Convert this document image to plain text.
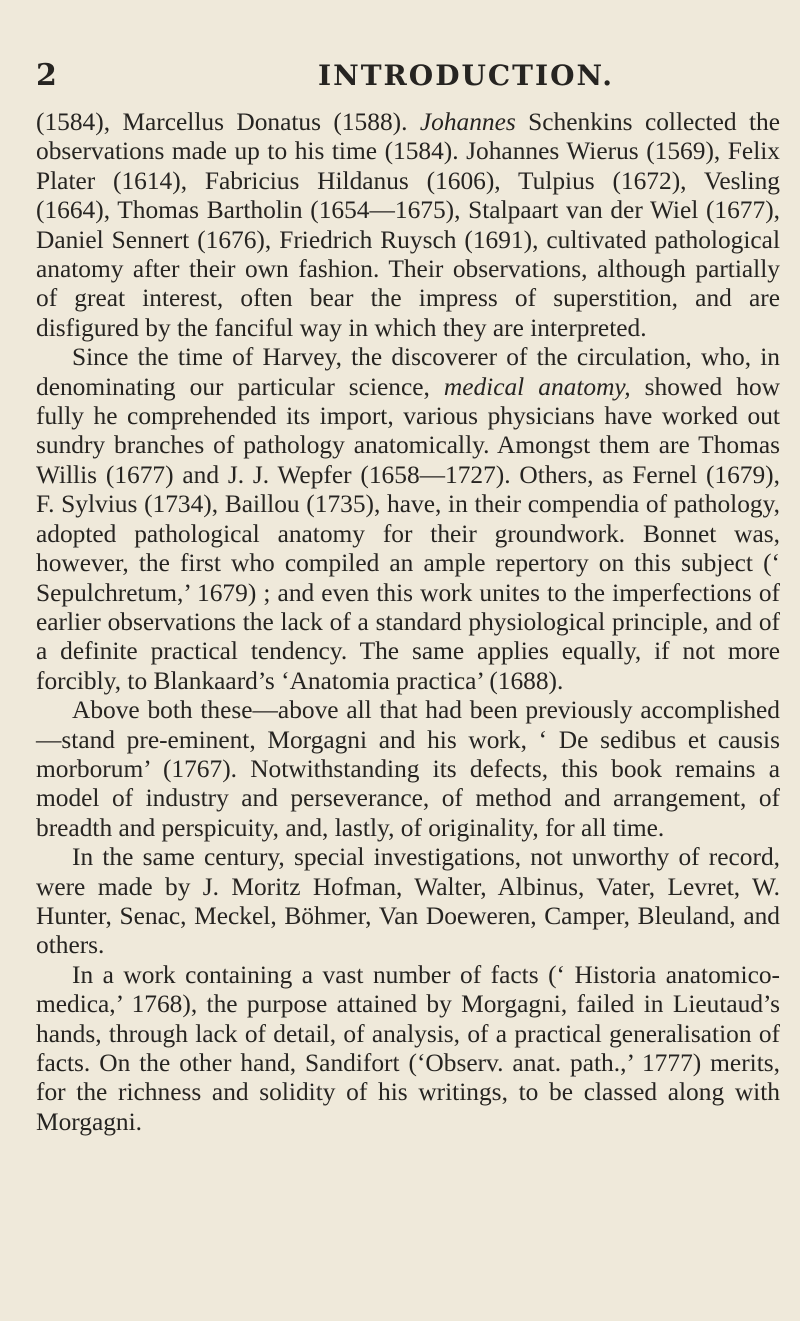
2	INTRODUCTION.

(1584), Marcellus Donatus (1588). Johannes Schenkins collected the observations made up to his time (1584). Johannes Wierus (1569), Felix Plater (1614), Fabricius Hildanus (1606), Tulpius (1672), Vesling (1664), Thomas Bartholin (1654—1675), Stalpaart van der Wiel (1677), Daniel Sennert (1676), Friedrich Ruysch (1691), cultivated pathological anatomy after their own fashion. Their observations, although partially of great interest, often bear the impress of superstition, and are disfigured by the fanciful way in which they are interpreted.

Since the time of Harvey, the discoverer of the circulation, who, in denominating our particular science, medical anatomy, showed how fully he comprehended its import, various physicians have worked out sundry branches of pathology anatomically. Amongst them are Thomas Willis (1677) and J. J. Wepfer (1658—1727). Others, as Fernel (1679), F. Sylvius (1734), Baillou (1735), have, in their compendia of pathology, adopted pathological anatomy for their groundwork. Bonnet was, however, the first who compiled an ample repertory on this subject (‘ Sepulchretum,’ 1679) ; and even this work unites to the imperfections of earlier observations the lack of a standard physiological principle, and of a definite practical tendency. The same applies equally, if not more forcibly, to Blankaard’s ‘Anatomia practica’ (1688).

Above both these—above all that had been previously accomplished—stand pre-eminent, Morgagni and his work, ‘ De sedibus et causis morborum’ (1767). Notwithstanding its defects, this book remains a model of industry and perseverance, of method and arrangement, of breadth and perspicuity, and, lastly, of originality, for all time.

In the same century, special investigations, not unworthy of record, were made by J. Moritz Hofman, Walter, Albinus, Vater, Levret, W. Hunter, Senac, Meckel, Böhmer, Van Doeweren, Camper, Bleuland, and others.

In a work containing a vast number of facts (‘ Historia anatomico-medica,’ 1768), the purpose attained by Morgagni, failed in Lieutaud’s hands, through lack of detail, of analysis, of a practical generalisation of facts. On the other hand, Sandifort (‘Observ. anat. path.,’ 1777) merits, for the richness and solidity of his writings, to be classed along with Morgagni.
